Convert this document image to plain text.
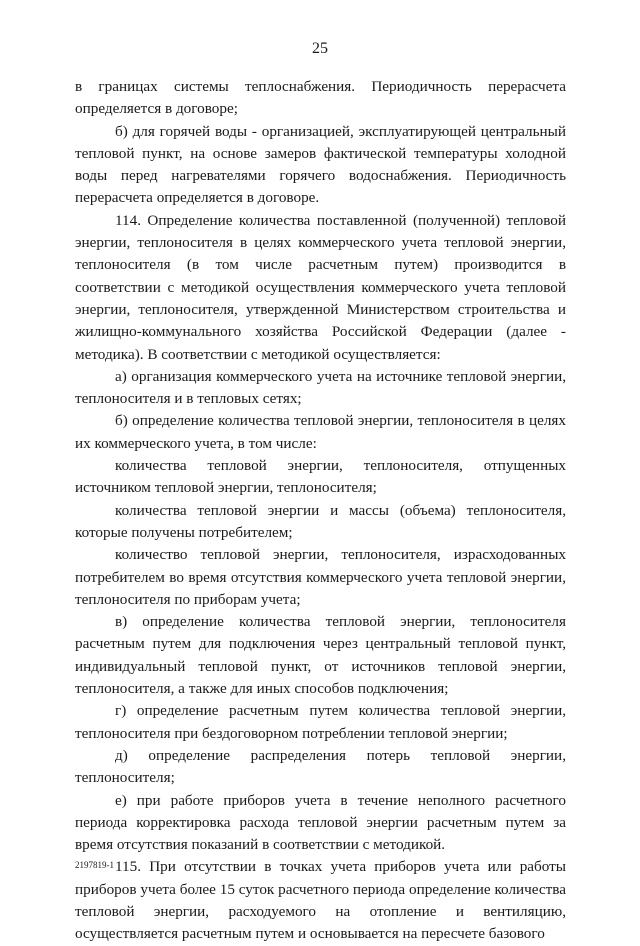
25

в границах системы теплоснабжения. Периодичность перерасчета определяется в договоре;

б) для горячей воды - организацией, эксплуатирующей центральный тепловой пункт, на основе замеров фактической температуры холодной воды перед нагревателями горячего водоснабжения. Периодичность перерасчета определяется в договоре.

114. Определение количества поставленной (полученной) тепловой энергии, теплоносителя в целях коммерческого учета тепловой энергии, теплоносителя (в том числе расчетным путем) производится в соответствии с методикой осуществления коммерческого учета тепловой энергии, теплоносителя, утвержденной Министерством строительства и жилищно-коммунального хозяйства Российской Федерации (далее - методика). В соответствии с методикой осуществляется:

а) организация коммерческого учета на источнике тепловой энергии, теплоносителя и в тепловых сетях;

б) определение количества тепловой энергии, теплоносителя в целях их коммерческого учета, в том числе:

количества тепловой энергии, теплоносителя, отпущенных источником тепловой энергии, теплоносителя;

количества тепловой энергии и массы (объема) теплоносителя, которые получены потребителем;

количество тепловой энергии, теплоносителя, израсходованных потребителем во время отсутствия коммерческого учета тепловой энергии, теплоносителя по приборам учета;

в) определение количества тепловой энергии, теплоносителя расчетным путем для подключения через центральный тепловой пункт, индивидуальный тепловой пункт, от источников тепловой энергии, теплоносителя, а также для иных способов подключения;

г) определение расчетным путем количества тепловой энергии, теплоносителя при бездоговорном потреблении тепловой энергии;

д) определение распределения потерь тепловой энергии, теплоносителя;

е) при работе приборов учета в течение неполного расчетного периода корректировка расхода тепловой энергии расчетным путем за время отсутствия показаний в соответствии с методикой.

115. При отсутствии в точках учета приборов учета или работы приборов учета более 15 суток расчетного периода определение количества тепловой энергии, расходуемого на отопление и вентиляцию, осуществляется расчетным путем и основывается на пересчете базового

2197819-1
